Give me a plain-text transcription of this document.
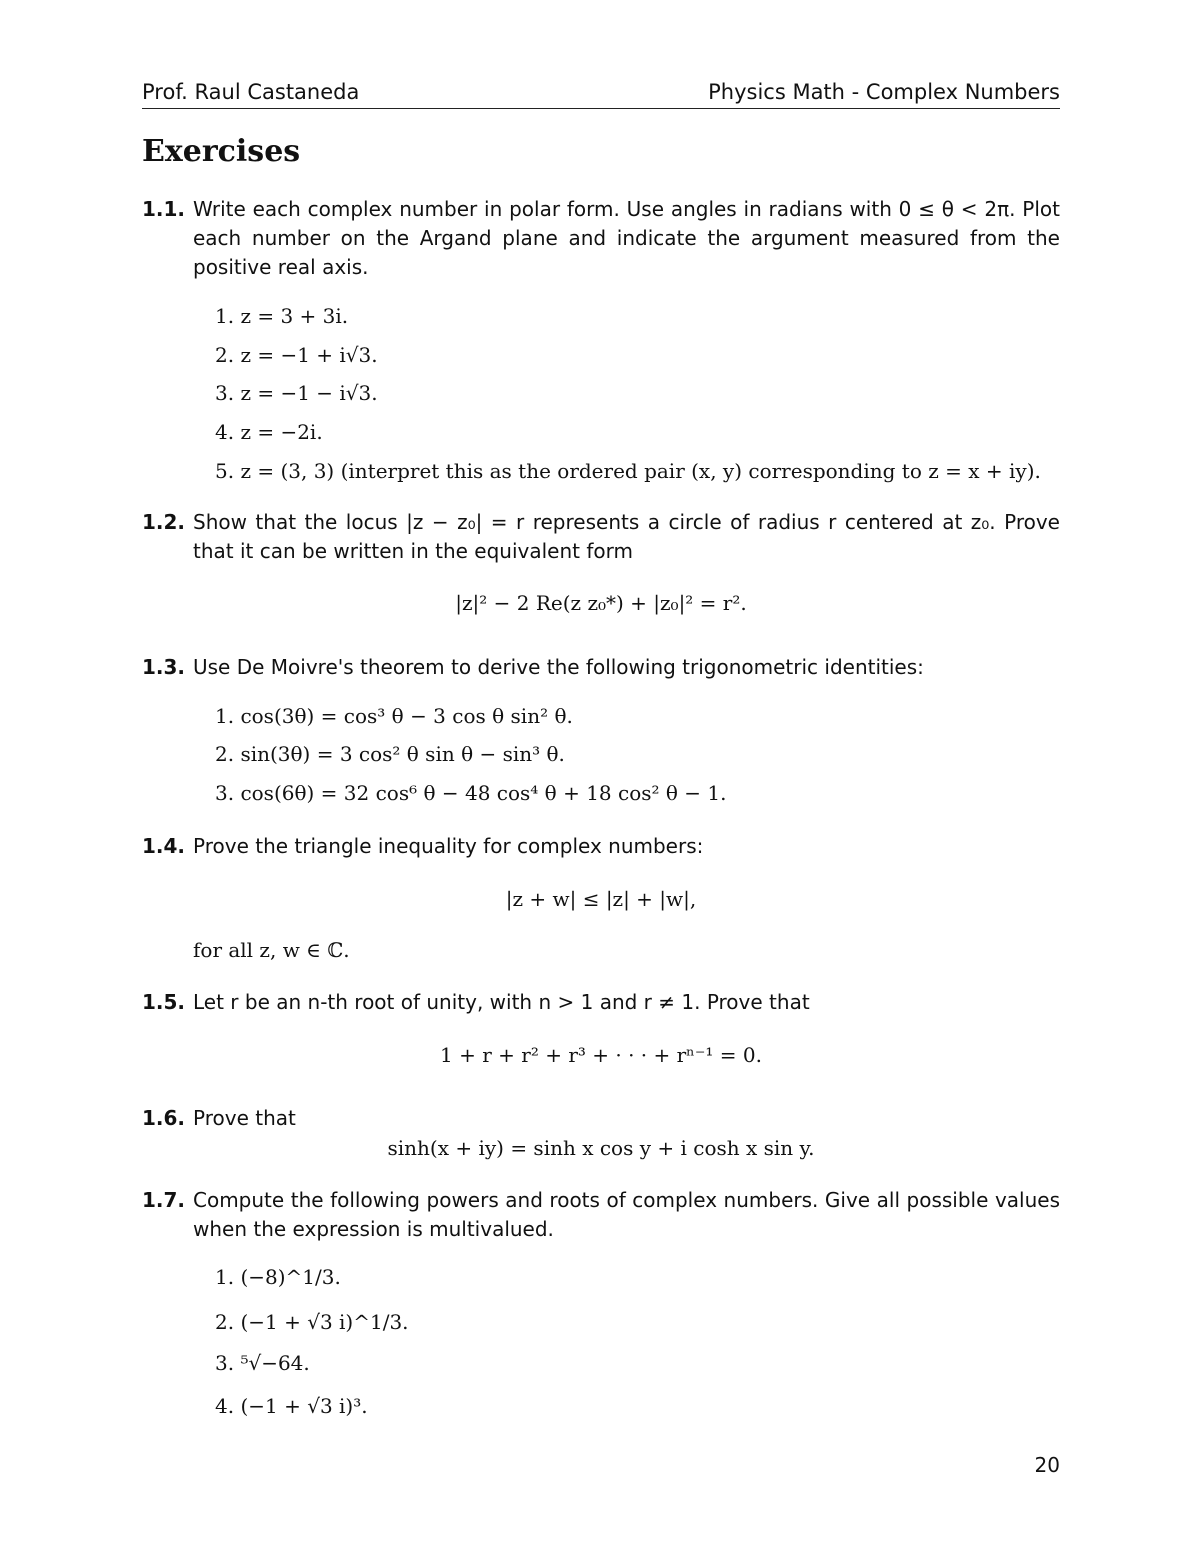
Prof. Raul Castaneda	Physics Math - Complex Numbers
Exercises
1.1. Write each complex number in polar form. Use angles in radians with 0 ≤ θ < 2π. Plot each number on the Argand plane and indicate the argument measured from the positive real axis.
1. z = 3 + 3i.
2. z = −1 + i√3.
3. z = −1 − i√3.
4. z = −2i.
5. z = (3, 3) (interpret this as the ordered pair (x, y) corresponding to z = x + iy).
1.2. Show that the locus |z − z₀| = r represents a circle of radius r centered at z₀. Prove that it can be written in the equivalent form
|z|² − 2 Re(z z₀*) + |z₀|² = r².
1.3. Use De Moivre's theorem to derive the following trigonometric identities:
1. cos(3θ) = cos³ θ − 3 cos θ sin² θ.
2. sin(3θ) = 3 cos² θ sin θ − sin³ θ.
3. cos(6θ) = 32 cos⁶ θ − 48 cos⁴ θ + 18 cos² θ − 1.
1.4. Prove the triangle inequality for complex numbers:
|z + w| ≤ |z| + |w|,
for all z, w ∈ ℂ.
1.5. Let r be an n-th root of unity, with n > 1 and r ≠ 1. Prove that
1 + r + r² + r³ + · · · + rⁿ⁻¹ = 0.
1.6. Prove that
sinh(x + iy) = sinh x cos y + i cosh x sin y.
1.7. Compute the following powers and roots of complex numbers. Give all possible values when the expression is multivalued.
1. (−8)^1/3.
2. (−1 + √3 i)^1/3.
3. ⁵√−64.
4. (−1 + √3 i)³.
20
